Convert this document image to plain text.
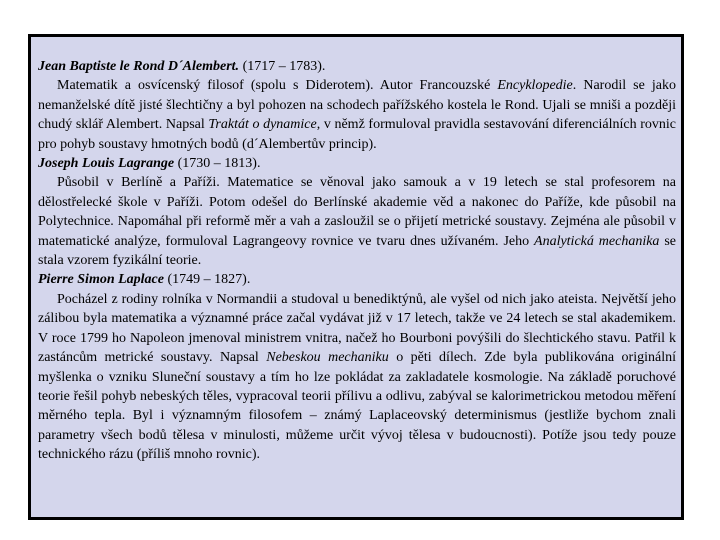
Jean Baptiste le Rond D´Alembert. (1717 – 1783).

Matematik a osvícenský filosof (spolu s Diderotem). Autor Francouzské Encyklopedie. Narodil se jako nemanželské dítě jisté šlechtičny a byl pohozen na schodech pařížského kostela le Rond. Ujali se mniši a později chudý sklář Alembert. Napsal Traktát o dynamice, v němž formuloval pravidla sestavování diferenciálních rovnic pro pohyb soustavy hmotných bodů (d´Alembertův princip).

Joseph Louis Lagrange (1730 – 1813).

Působil v Berlíně a Paříži. Matematice se věnoval jako samouk a v 19 letech se stal profesorem na dělostřelecké škole v Paříži. Potom odešel do Berlínské akademie věd a nakonec do Paříže, kde působil na Polytechnice. Napomáhal při reformě měr a vah a zasloužil se o přijetí metrické soustavy. Zejména ale působil v matematické analýze, formuloval Lagrangeovy rovnice ve tvaru dnes užívaném. Jeho Analytická mechanika se stala vzorem fyzikální teorie.

Pierre Simon Laplace (1749 – 1827).

Pocházel z rodiny rolníka v Normandii a studoval u benediktýnů, ale vyšel od nich jako ateista. Největší jeho zálibou byla matematika a významné práce začal vydávat již v 17 letech, takže ve 24 letech se stal akademikem. V roce 1799 ho Napoleon jmenoval ministrem vnitra, načež ho Bourboni povýšili do šlechtického stavu. Patřil k zastáncům metrické soustavy. Napsal Nebeskou mechaniku o pěti dílech. Zde byla publikována originální myšlenka o vzniku Sluneční soustavy a tím ho lze pokládat za zakladatele kosmologie. Na základě poruchové teorie řešil pohyb nebeských těles, vypracoval teorii přílivu a odlivu, zabýval se kalorimetrickou metodou měření měrného tepla. Byl i významným filosofem – známý Laplaceovský determinismus (jestliže bychom znali parametry všech bodů tělesa v minulosti, můžeme určit vývoj tělesa v budoucnosti). Potíže jsou tedy pouze technického rázu (příliš mnoho rovnic).
